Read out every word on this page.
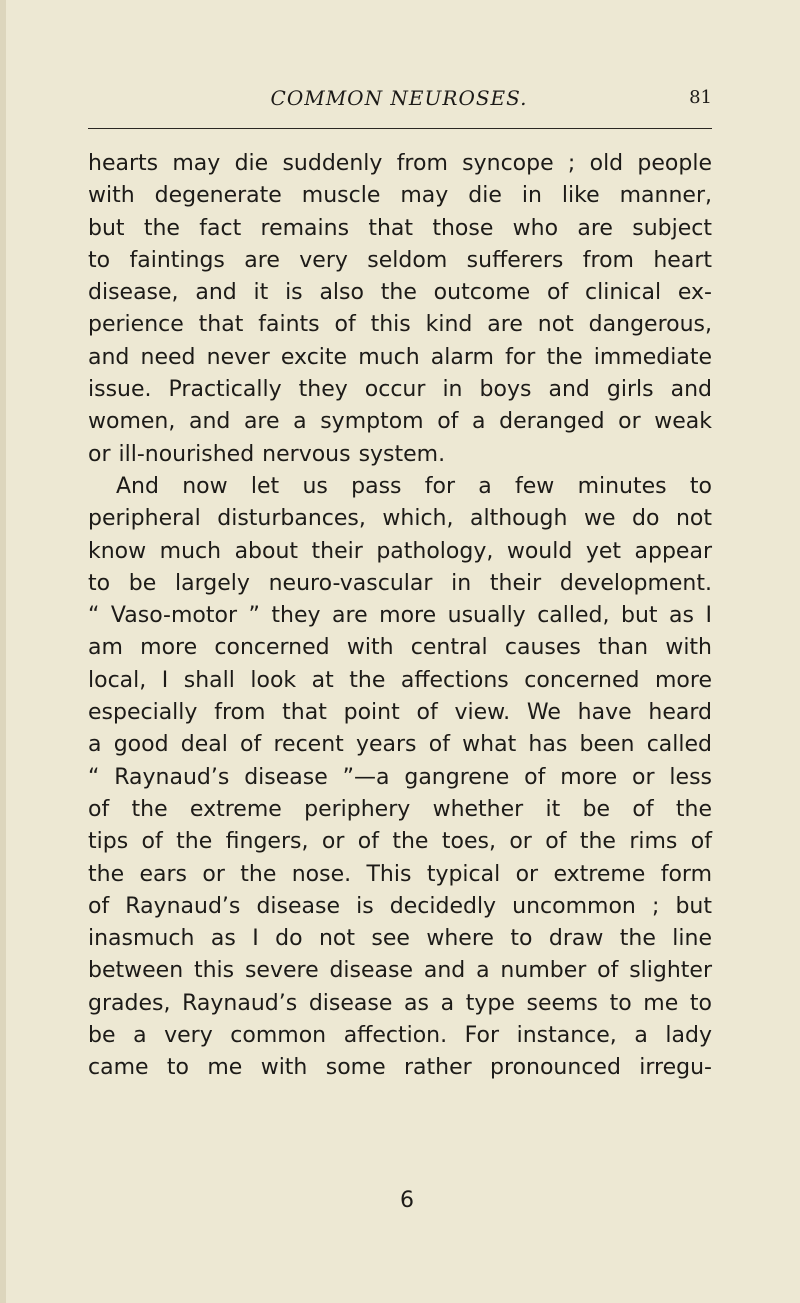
COMMON NEUROSES.	81
hearts may die suddenly from syncope ; old people
with degenerate muscle may die in like manner,
but the fact remains that those who are subject
to faintings are very seldom sufferers from heart
disease, and it is also the outcome of clinical ex-
perience that faints of this kind are not dangerous,
and need never excite much alarm for the immediate
issue. Practically they occur in boys and girls and
women, and are a symptom of a deranged or weak
or ill-nourished nervous system.
And now let us pass for a few minutes to
peripheral disturbances, which, although we do not
know much about their pathology, would yet appear
to be largely neuro-vascular in their development.
“ Vaso-motor ” they are more usually called, but as I
am more concerned with central causes than with
local, I shall look at the affections concerned more
especially from that point of view. We have heard
a good deal of recent years of what has been called
“ Raynaud’s disease ”—a gangrene of more or less
of the extreme periphery whether it be of the
tips of the fingers, or of the toes, or of the rims of
the ears or the nose. This typical or extreme form
of Raynaud’s disease is decidedly uncommon ; but
inasmuch as I do not see where to draw the line
between this severe disease and a number of slighter
grades, Raynaud’s disease as a type seems to me to
be a very common affection. For instance, a lady
came to me with some rather pronounced irregu-
6
